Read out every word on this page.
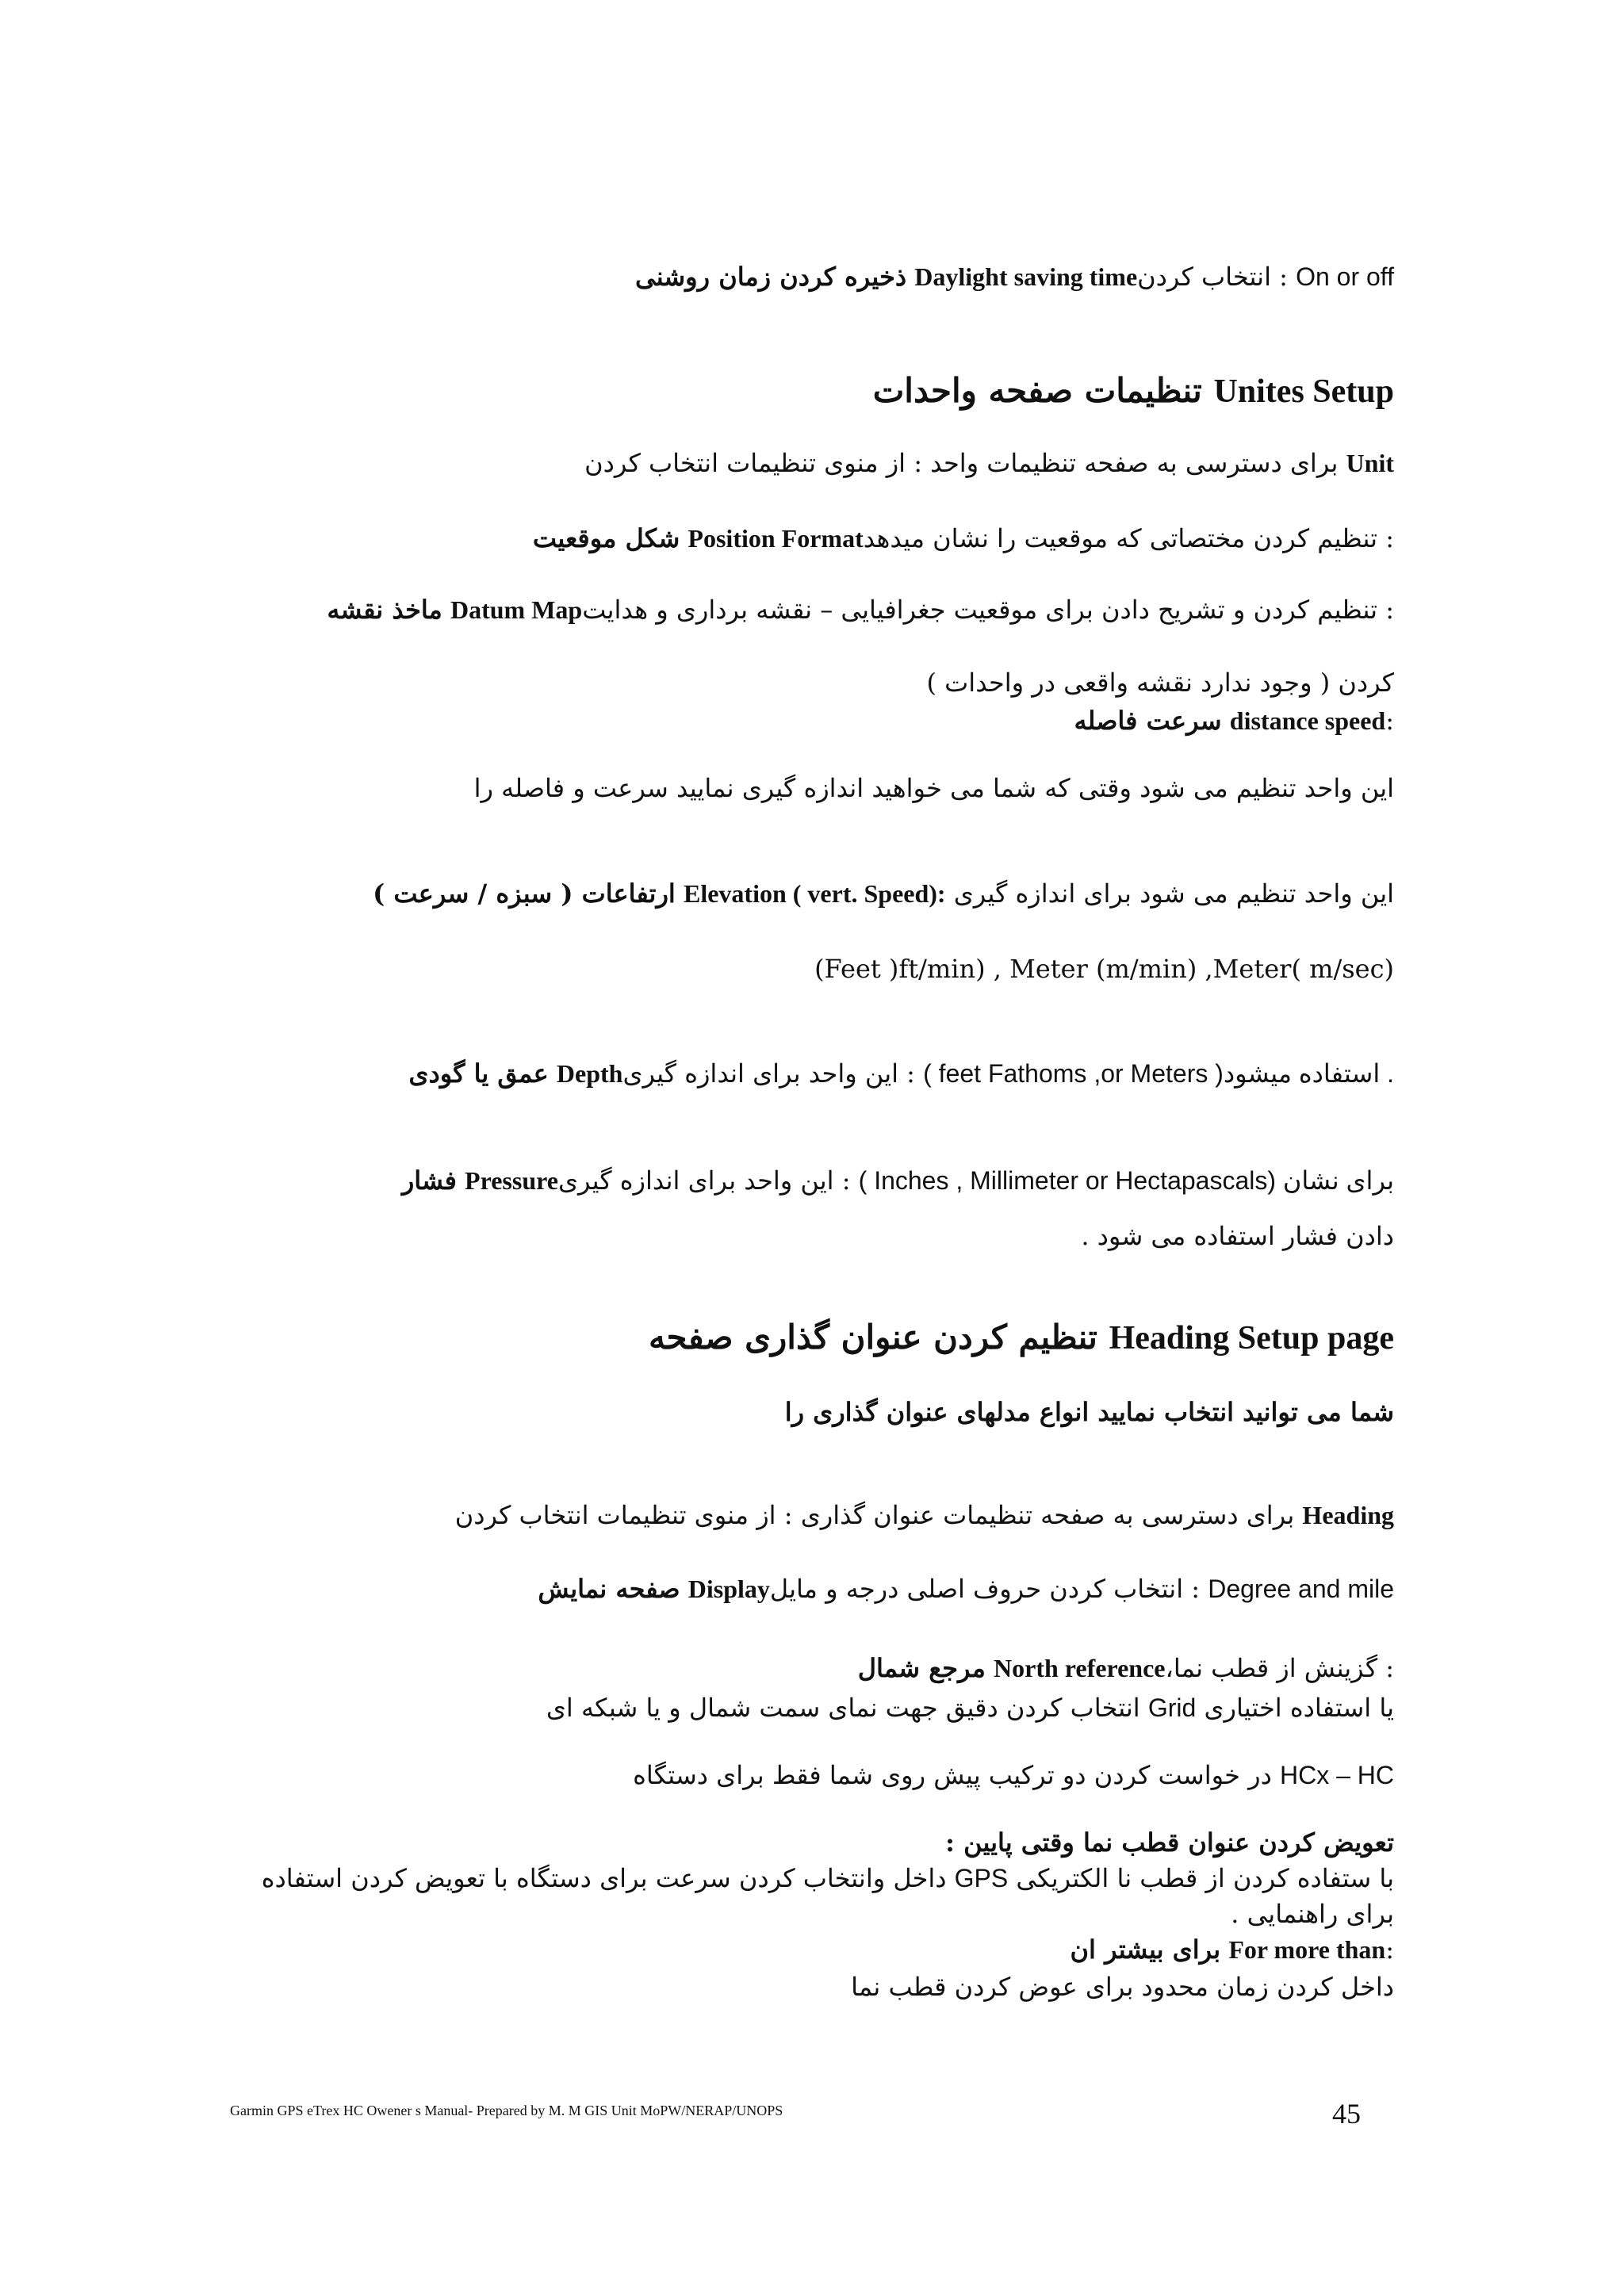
ذخیره کردن زمان روشنی Daylight saving time: انتخاب کردن On or off
تنظیمات صفحه واحدات Unites Setup
برای دسترسی به صفحه تنظیمات واحد : از منوی تنظیمات انتخاب کردن Unit
شکل موقعیت Position Format: تنظیم کردن مختصاتی که موقعیت را نشان میدهد
ماخذ نقشه Datum Map: تنظیم کردن و تشریح دادن برای موقعیت جغرافیایی – نقشه برداری و هدایت
کردن ( وجود ندارد نقشه واقعی در واحدات )
سرعت فاصله distance speed:
این واحد تنظیم می شود وقتی که شما می خواهید اندازه گیری نمایید سرعت و فاصله را
ارتفاعات ( سبزه / سرعت ) Elevation ( vert. Speed): این واحد تنظیم می شود برای اندازه گیری
(Feet )ft/min) , Meter (m/min) ,Meter( m/sec)
عمق یا گودی Depth: این واحد برای اندازه گیری ( feet Fathoms ,or Meters )استفاده میشود .
فشار Pressure: این واحد برای اندازه گیری ( Inches , Millimeter or Hectapascals) برای نشان
دادن فشار استفاده می شود .
تنظیم کردن عنوان گذاری صفحه Heading Setup page
شما می توانید انتخاب نمایید انواع مدلهای عنوان گذاری را
برای دسترسی به صفحه تنظیمات عنوان گذاری : از منوی تنظیمات انتخاب کردن Heading
صفحه نمایش Display: انتخاب کردن حروف اصلی درجه و مایل Degree and mile
مرجع شمال North reference: گزینش از قطب نما،
انتخاب کردن دقیق جهت نمای سمت شمال و یا شبکه ای Grid یا استفاده اختیاری
در خواست کردن دو ترکیب پیش روی شما فقط برای دستگاه HCx – HC
تعویض کردن عنوان قطب نما وقتی پایین :
داخل وانتخاب کردن سرعت برای دستگاه با تعویض کردن استفاده GPS با ستفاده کردن از قطب نا الکتریکی
برای راهنمایی .
برای بیشتر ان For more than:
داخل کردن زمان محدود برای عوض کردن قطب نما
Garmin GPS eTrex HC Owener s Manual- Prepared by M. M GIS Unit MoPW/NERAP/UNOPS	45
